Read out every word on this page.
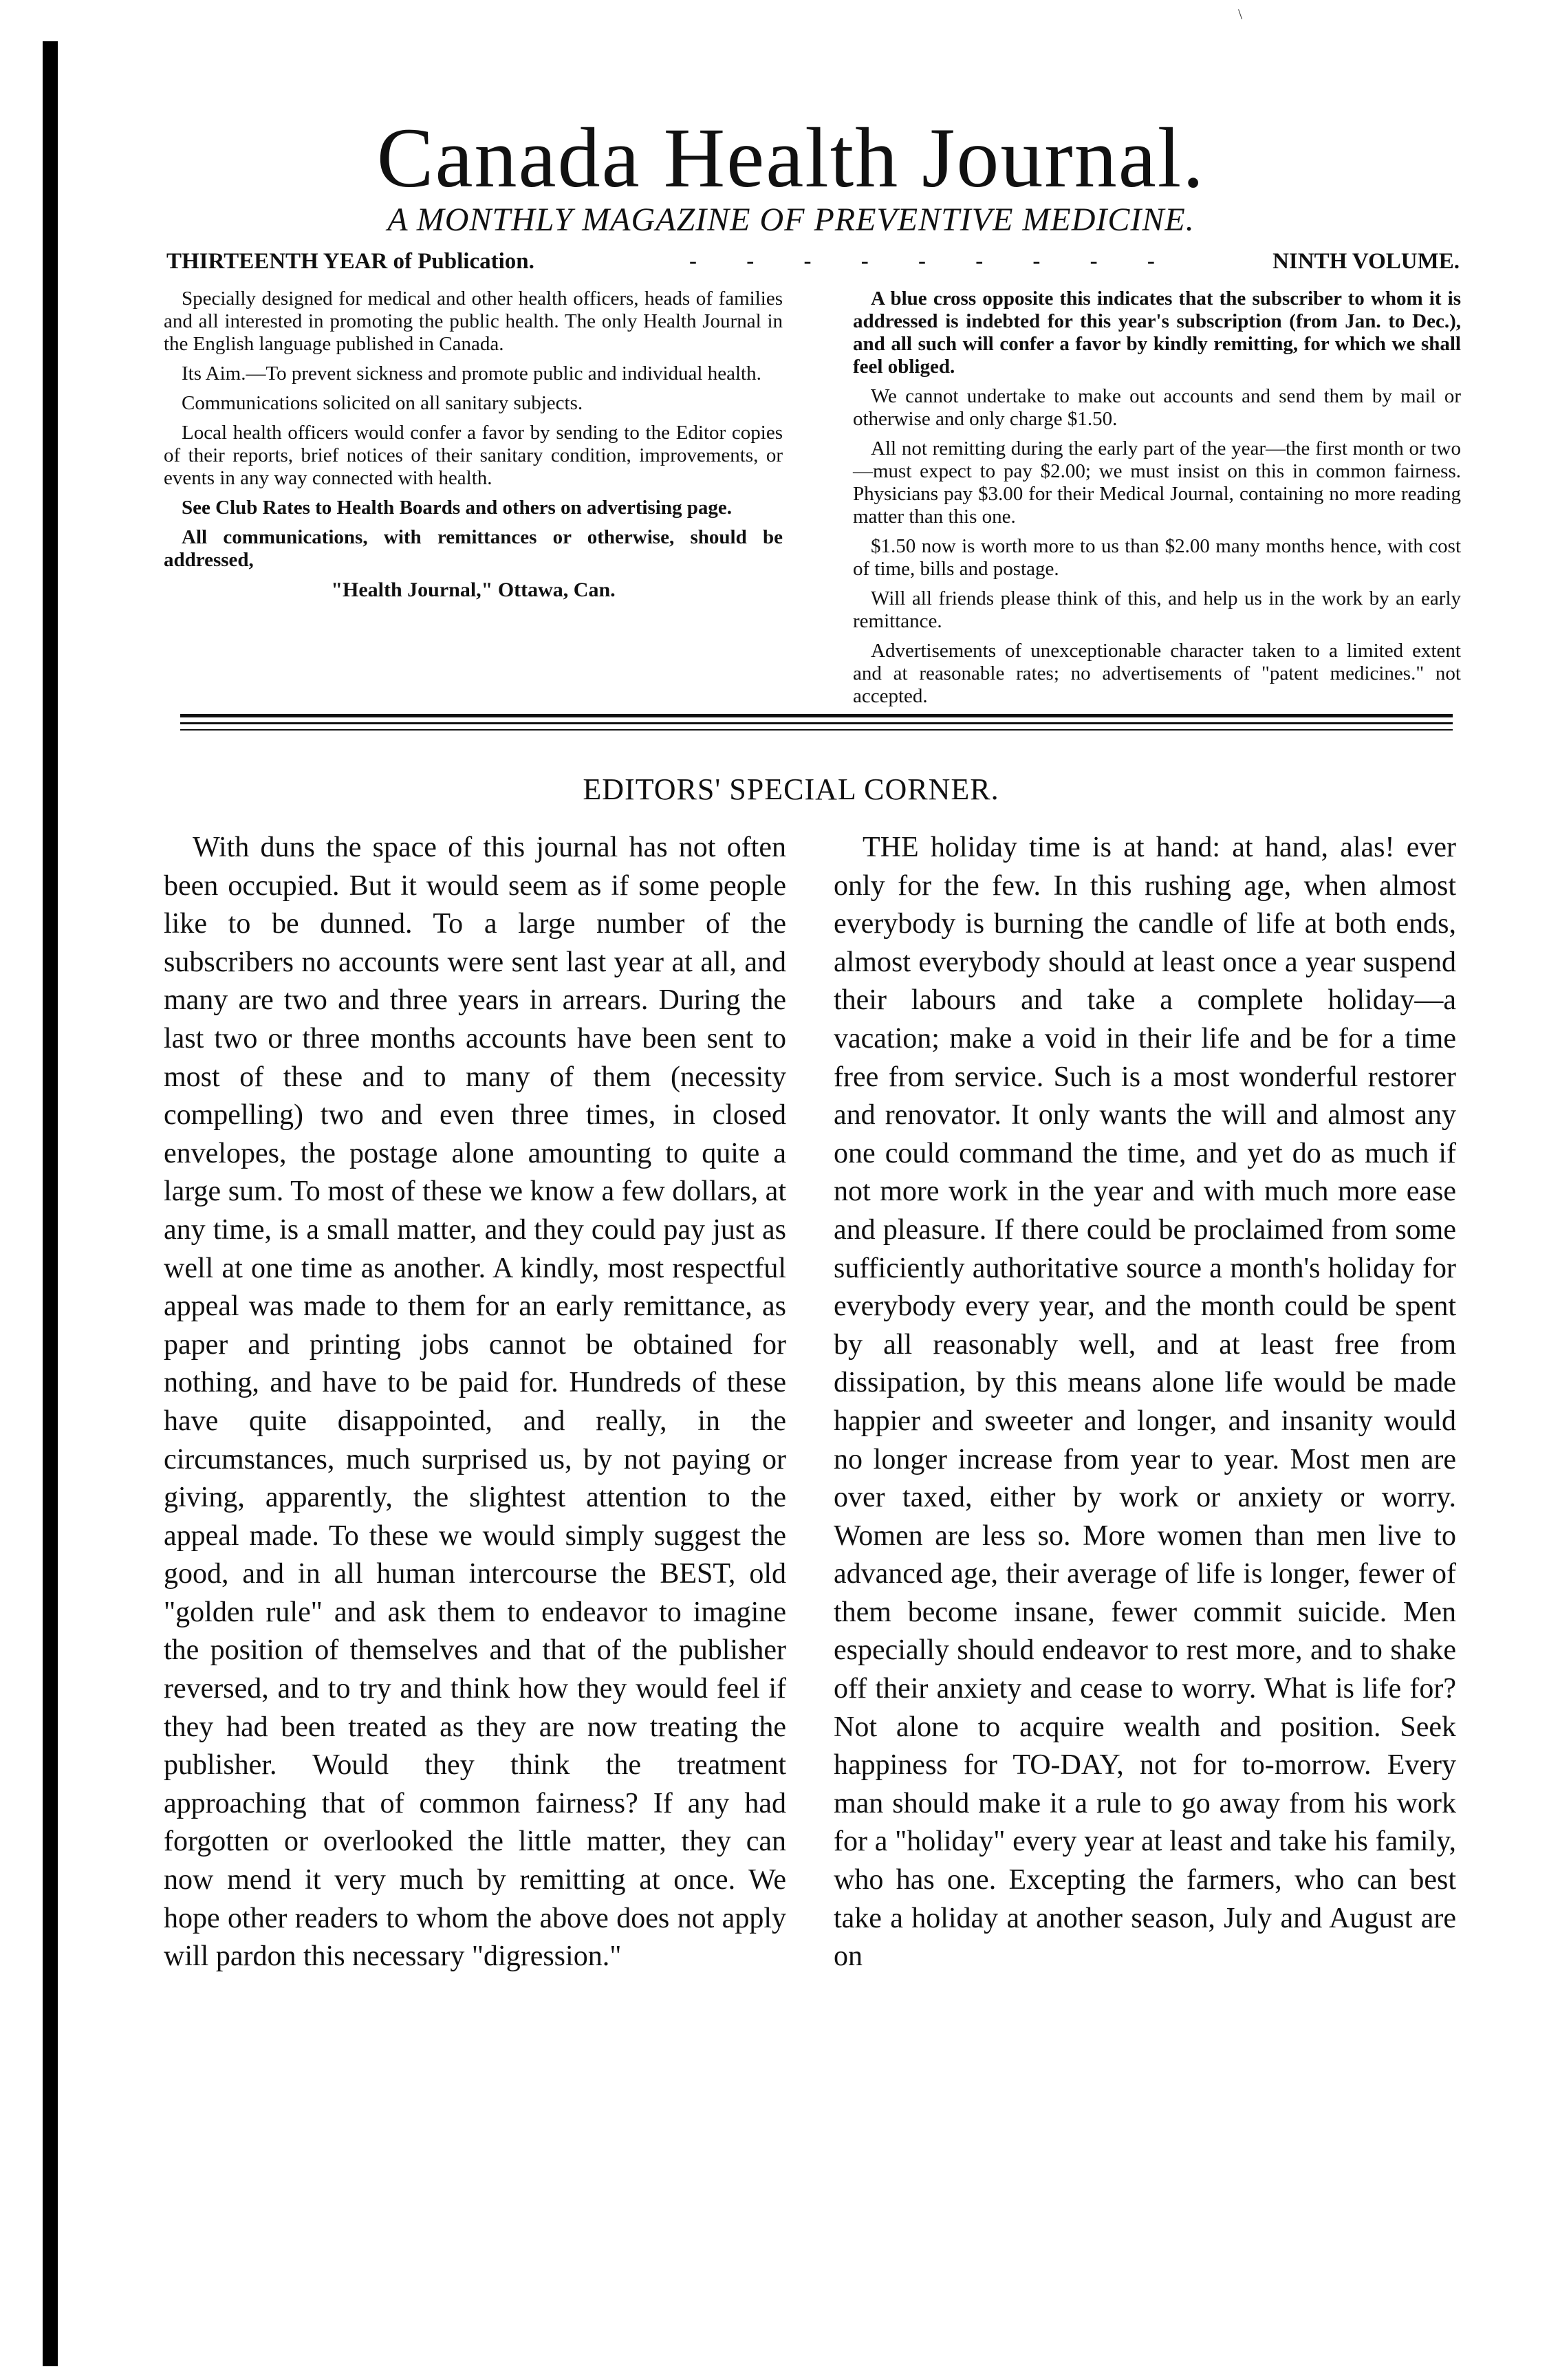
\
Canada Health Journal.
A MONTHLY MAGAZINE OF PREVENTIVE MEDICINE.
THIRTEENTH YEAR of Publication.	- - - - - - - - -	NINTH VOLUME.

Specially designed for medical and other health officers, heads of families and all interested in promoting the public health. The only Health Journal in the English language published in Canada.

Its Aim.—To prevent sickness and promote public and individual health.

Communications solicited on all sanitary subjects.

Local health officers would confer a favor by sending to the Editor copies of their reports, brief notices of their sanitary condition, improvements, or events in any way connected with health.

See Club Rates to Health Boards and others on advertising page.

All communications, with remittances or otherwise, should be addressed,

"Health Journal," Ottawa, Can.

A blue cross opposite this indicates that the subscriber to whom it is addressed is indebted for this year's subscription (from Jan. to Dec.), and all such will confer a favor by kindly remitting, for which we shall feel obliged.

We cannot undertake to make out accounts and send them by mail or otherwise and only charge $1.50.

All not remitting during the early part of the year—the first month or two—must expect to pay $2.00; we must insist on this in common fairness. Physicians pay $3.00 for their Medical Journal, containing no more reading matter than this one.

$1.50 now is worth more to us than $2.00 many months hence, with cost of time, bills and postage.

Will all friends please think of this, and help us in the work by an early remittance.

Advertisements of unexceptionable character taken to a limited extent and at reasonable rates; no advertisements of "patent medicines." not accepted.

EDITORS' SPECIAL CORNER.

With duns the space of this journal has not often been occupied. But it would seem as if some people like to be dunned. To a large number of the subscribers no accounts were sent last year at all, and many are two and three years in arrears. During the last two or three months accounts have been sent to most of these and to many of them (necessity compelling) two and even three times, in closed envelopes, the postage alone amounting to quite a large sum. To most of these we know a few dollars, at any time, is a small matter, and they could pay just as well at one time as another. A kindly, most respectful appeal was made to them for an early remittance, as paper and printing jobs cannot be obtained for nothing, and have to be paid for. Hundreds of these have quite disappointed, and really, in the circumstances, much surprised us, by not paying or giving, apparently, the slightest attention to the appeal made. To these we would simply suggest the good, and in all human intercourse the BEST, old "golden rule" and ask them to endeavor to imagine the position of themselves and that of the publisher reversed, and to try and think how they would feel if they had been treated as they are now treating the publisher. Would they think the treatment approaching that of common fairness? If any had forgotten or overlooked the little matter, they can now mend it very much by remitting at once. We hope other readers to whom the above does not apply will pardon this necessary "digression."

THE holiday time is at hand: at hand, alas! ever only for the few. In this rushing age, when almost everybody is burning the candle of life at both ends, almost everybody should at least once a year suspend their labours and take a complete holiday—a vacation; make a void in their life and be for a time free from service. Such is a most wonderful restorer and renovator. It only wants the will and almost any one could command the time, and yet do as much if not more work in the year and with much more ease and pleasure. If there could be proclaimed from some sufficiently authoritative source a month's holiday for everybody every year, and the month could be spent by all reasonably well, and at least free from dissipation, by this means alone life would be made happier and sweeter and longer, and insanity would no longer increase from year to year. Most men are over taxed, either by work or anxiety or worry. Women are less so. More women than men live to advanced age, their average of life is longer, fewer of them become insane, fewer commit suicide. Men especially should endeavor to rest more, and to shake off their anxiety and cease to worry. What is life for? Not alone to acquire wealth and position. Seek happiness for TO-DAY, not for to-morrow. Every man should make it a rule to go away from his work for a "holiday" every year at least and take his family, who has one. Excepting the farmers, who can best take a holiday at another season, July and August are on
